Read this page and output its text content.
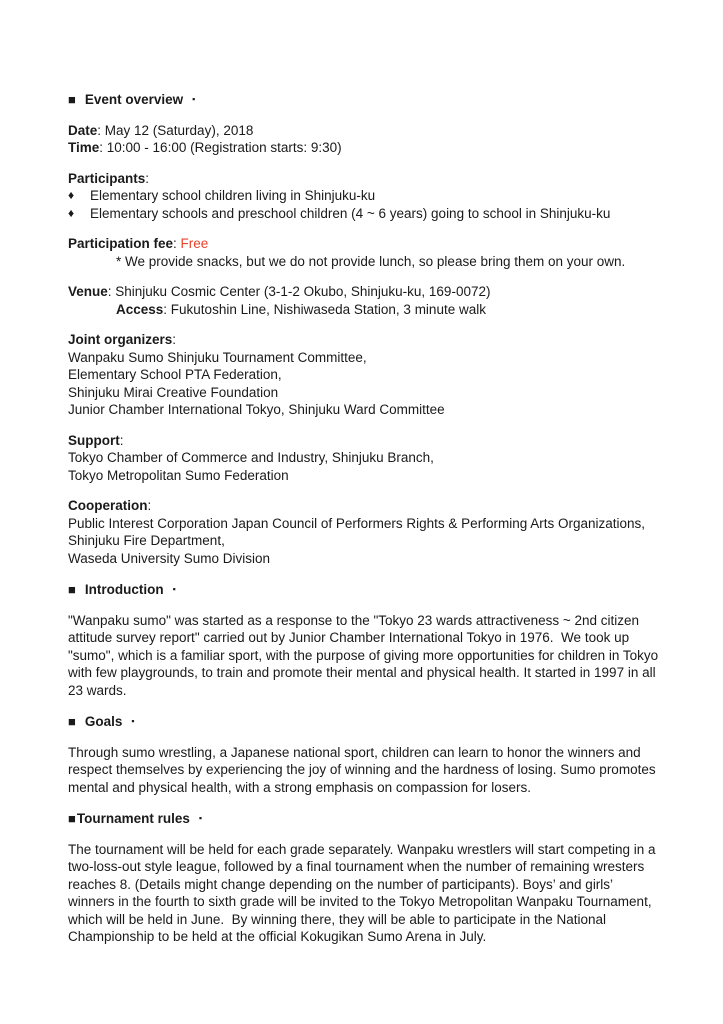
■ Event overview ▪
Date: May 12 (Saturday), 2018
Time: 10:00 - 16:00 (Registration starts: 9:30)
Participants:
♦	Elementary school children living in Shinjuku-ku
♦	Elementary schools and preschool children (4 ~ 6 years) going to school in Shinjuku-ku
Participation fee: Free
* We provide snacks, but we do not provide lunch, so please bring them on your own.
Venue: Shinjuku Cosmic Center (3-1-2 Okubo, Shinjuku-ku, 169-0072)
Access: Fukutoshin Line, Nishiwaseda Station, 3 minute walk
Joint organizers:
Wanpaku Sumo Shinjuku Tournament Committee,
Elementary School PTA Federation,
Shinjuku Mirai Creative Foundation
Junior Chamber International Tokyo, Shinjuku Ward Committee
Support:
Tokyo Chamber of Commerce and Industry, Shinjuku Branch,
Tokyo Metropolitan Sumo Federation
Cooperation:
Public Interest Corporation Japan Council of Performers Rights & Performing Arts Organizations,
Shinjuku Fire Department,
Waseda University Sumo Division
■ Introduction ▪
"Wanpaku sumo" was started as a response to the "Tokyo 23 wards attractiveness ~ 2nd citizen attitude survey report" carried out by Junior Chamber International Tokyo in 1976.  We took up "sumo", which is a familiar sport, with the purpose of giving more opportunities for children in Tokyo with few playgrounds, to train and promote their mental and physical health. It started in 1997 in all 23 wards.
■ Goals ▪
Through sumo wrestling, a Japanese national sport, children can learn to honor the winners and respect themselves by experiencing the joy of winning and the hardness of losing. Sumo promotes mental and physical health, with a strong emphasis on compassion for losers.
■Tournament rules ▪
The tournament will be held for each grade separately. Wanpaku wrestlers will start competing in a two-loss-out style league, followed by a final tournament when the number of remaining wresters reaches 8. (Details might change depending on the number of participants). Boys’ and girls’ winners in the fourth to sixth grade will be invited to the Tokyo Metropolitan Wanpaku Tournament, which will be held in June.  By winning there, they will be able to participate in the National Championship to be held at the official Kokugikan Sumo Arena in July.
